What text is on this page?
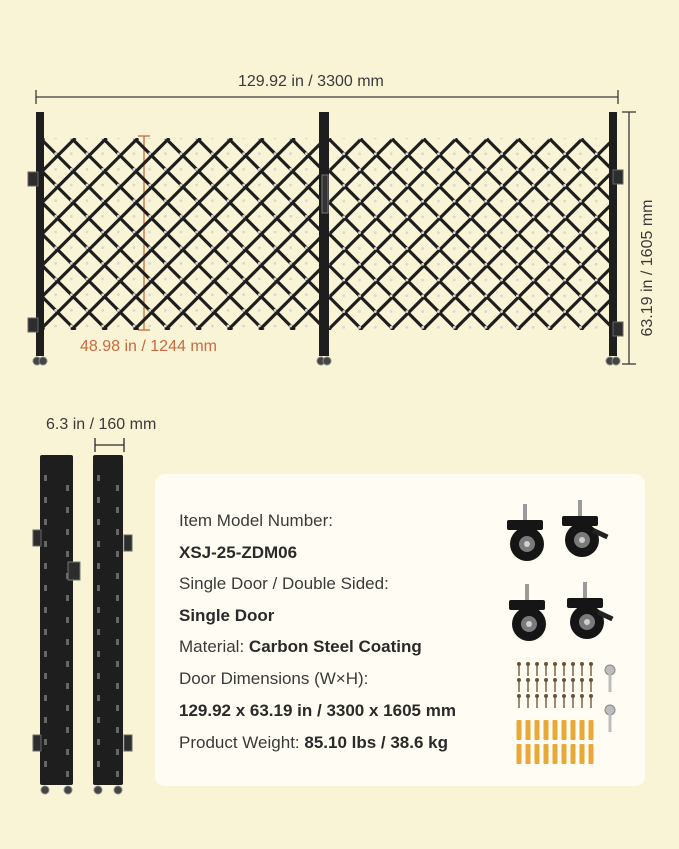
129.92 in / 3300 mm
63.19 in / 1605 mm
48.98 in / 1244 mm
6.3 in / 160 mm
Item Model Number:
XSJ-25-ZDM06
Single Door / Double Sided:
Single Door
Material: Carbon Steel Coating
Door Dimensions (W×H):
129.92 x 63.19 in / 3300 x 1605 mm
Product Weight: 85.10 lbs / 38.6 kg
